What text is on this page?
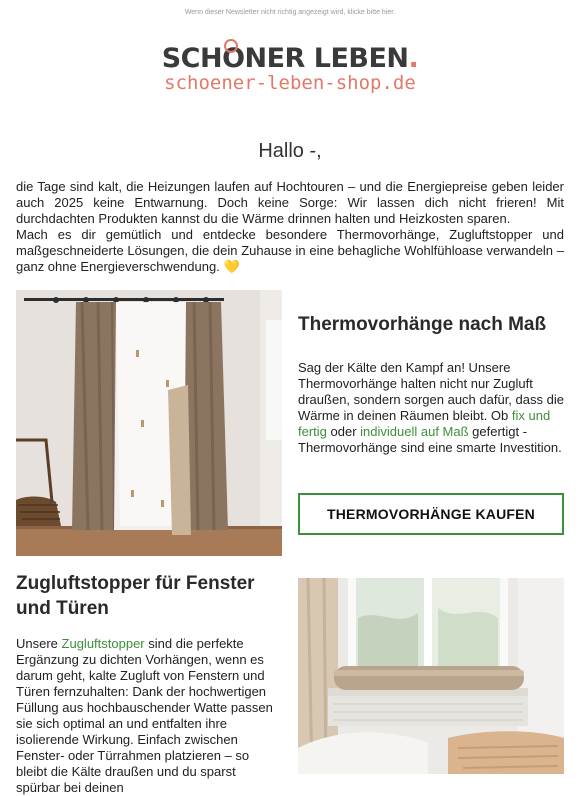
Wenn dieser Newsletter nicht richtig angezeigt wird, klicke bitte hier.
SCHO
NER LEBEN.
schoener-leben-shop.de
Hallo -,

die Tage sind kalt, die Heizungen laufen auf Hochtouren – und die Energiepreise geben leider auch 2025 keine Entwarnung. Doch keine Sorge: Wir lassen dich nicht frieren! Mit durchdachten Produkten kannst du die Wärme drinnen halten und Heizkosten sparen.

Mach es dir gemütlich und entdecke besondere Thermovorhänge, Zugluftstopper und maßgeschneiderte Lösungen, die dein Zuhause in eine behagliche Wohlfühloase verwandeln – ganz ohne Energieverschwendung. 💛

Thermovorhänge nach Maß

Sag der Kälte den Kampf an! Unsere Thermovorhänge halten nicht nur Zugluft draußen, sondern sorgen auch dafür, dass die Wärme in deinen Räumen bleibt. Ob fix und fertig oder individuell auf Maß gefertigt - Thermovorhänge sind eine smarte Investition.

THERMOVORHÄNGE KAUFEN
Zugluftstopper für Fenster und Türen

Unsere Zugluftstopper sind die perfekte Ergänzung zu dichten Vorhängen, wenn es darum geht, kalte Zugluft von Fenstern und Türen fernzuhalten: Dank der hochwertigen Füllung aus hochbauschender Watte passen sie sich optimal an und entfalten ihre isolierende Wirkung. Einfach zwischen Fenster- oder Türrahmen platzieren – so bleibt die Kälte draußen und du sparst spürbar bei deinen
